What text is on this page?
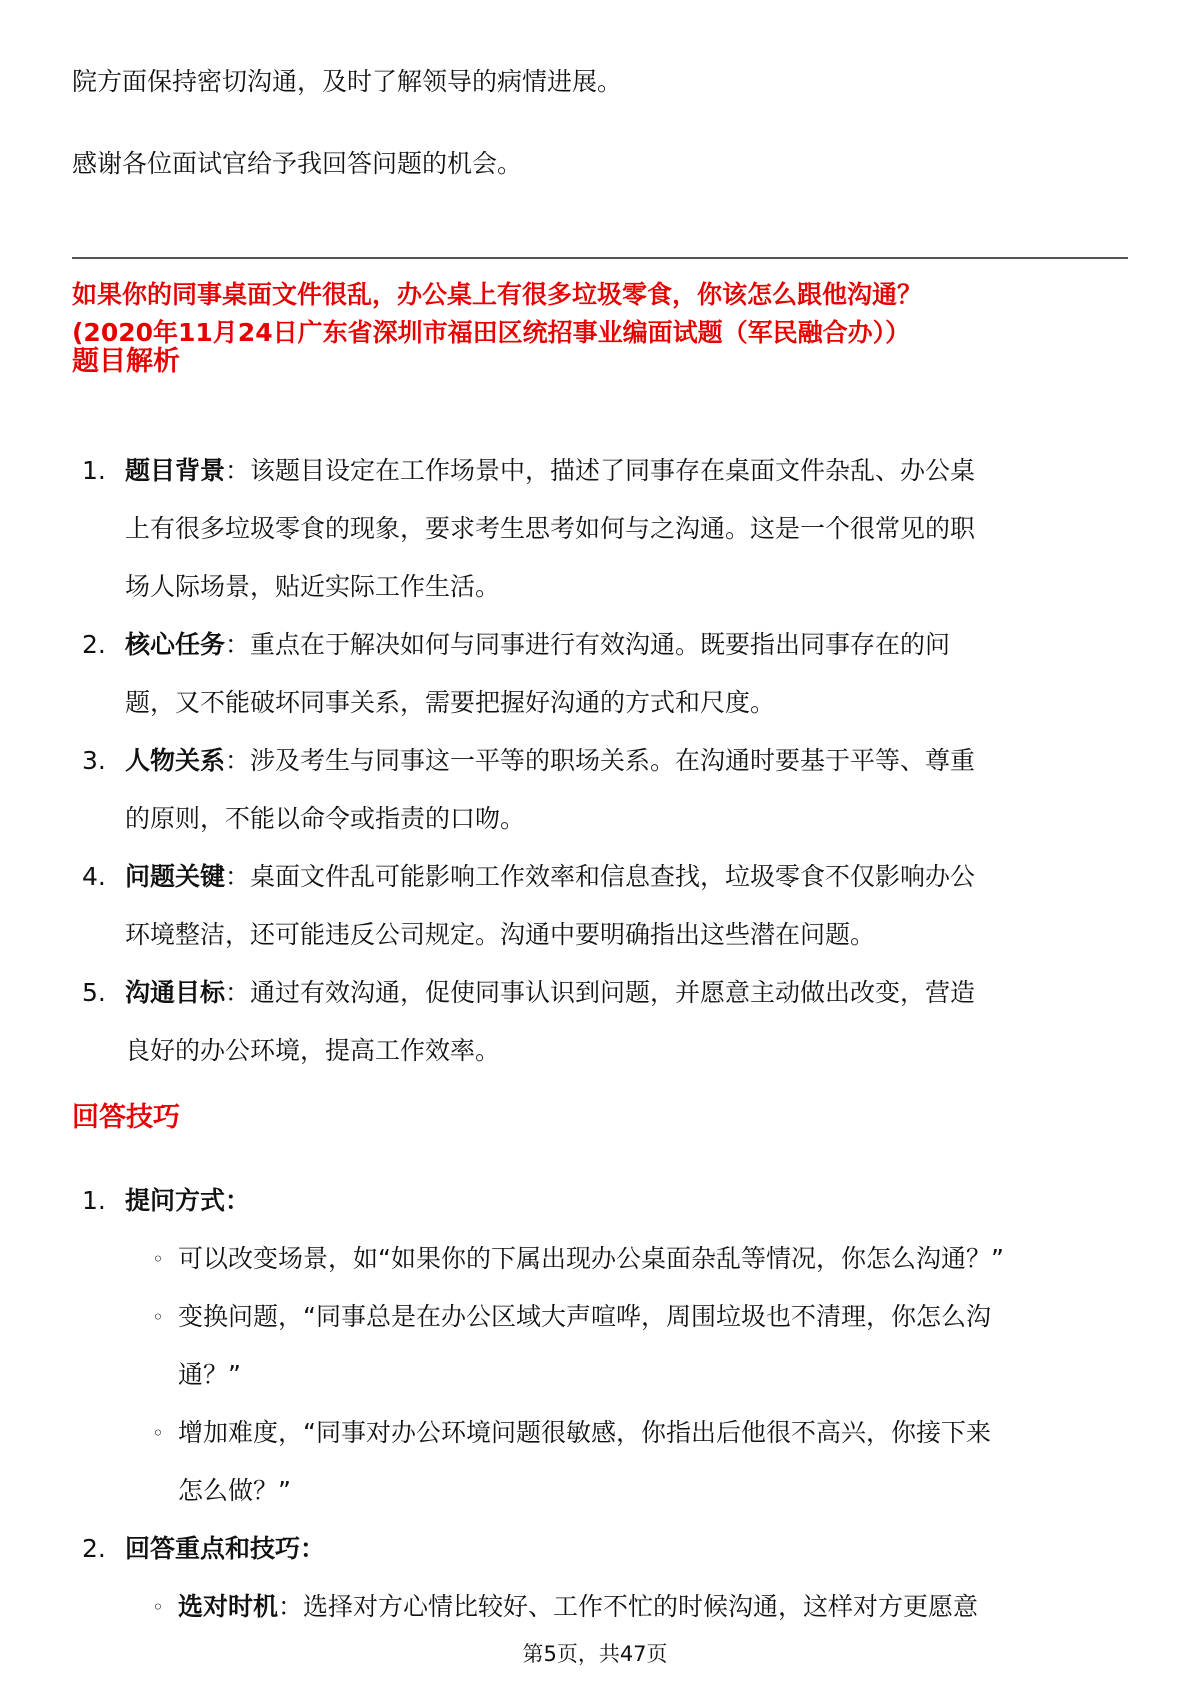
院方面保持密切沟通，及时了解领导的病情进展。

感谢各位面试官给予我回答问题的机会。

如果你的同事桌面文件很乱，办公桌上有很多垃圾零食，你该怎么跟他沟通？
(2020年11月24日广东省深圳市福田区统招事业编面试题（军民融合办））
题目解析
1. 题目背景：该题目设定在工作场景中，描述了同事存在桌面文件杂乱、办公桌
上有很多垃圾零食的现象，要求考生思考如何与之沟通。这是一个很常见的职
场人际场景，贴近实际工作生活。
2. 核心任务：重点在于解决如何与同事进行有效沟通。既要指出同事存在的问
题，又不能破坏同事关系，需要把握好沟通的方式和尺度。
3. 人物关系：涉及考生与同事这一平等的职场关系。在沟通时要基于平等、尊重
的原则，不能以命令或指责的口吻。
4. 问题关键：桌面文件乱可能影响工作效率和信息查找，垃圾零食不仅影响办公
环境整洁，还可能违反公司规定。沟通中要明确指出这些潜在问题。
5. 沟通目标：通过有效沟通，促使同事认识到问题，并愿意主动做出改变，营造
良好的办公环境，提高工作效率。
回答技巧
1. 提问方式：
◦ 可以改变场景，如“如果你的下属出现办公桌面杂乱等情况，你怎么沟通？”
◦ 变换问题，“同事总是在办公区域大声喧哗，周围垃圾也不清理，你怎么沟
通？”
◦ 增加难度，“同事对办公环境问题很敏感，你指出后他很不高兴，你接下来
怎么做？”
2. 回答重点和技巧：
◦ 选对时机：选择对方心情比较好、工作不忙的时候沟通，这样对方更愿意
第5页，共47页
